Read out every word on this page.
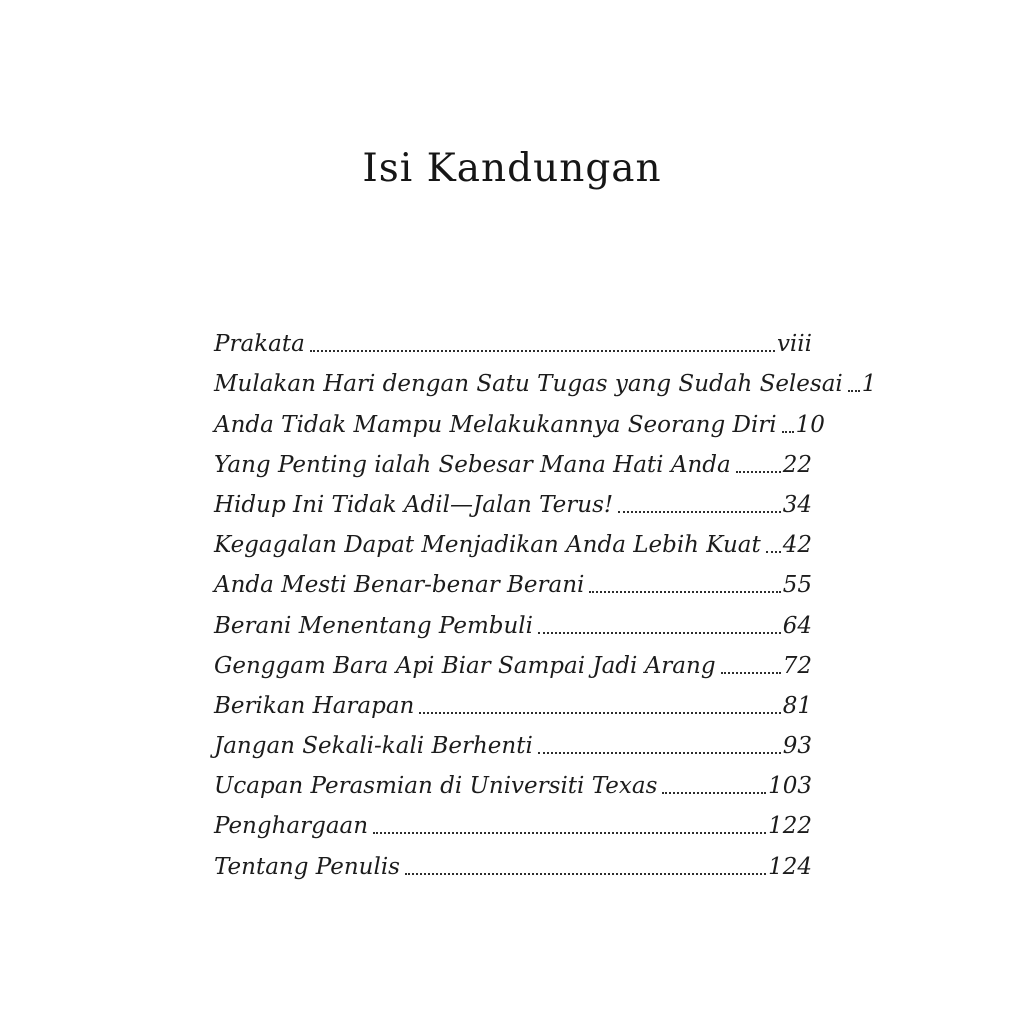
Isi Kandungan
Prakata	viii
Mulakan Hari dengan Satu Tugas yang Sudah Selesai 1
Anda Tidak Mampu Melakukannya Seorang Diri 10
Yang Penting ialah Sebesar Mana Hati Anda 22
Hidup Ini Tidak Adil—Jalan Terus!	34
Kegagalan Dapat Menjadikan Anda Lebih Kuat 42
Anda Mesti Benar-benar Berani	55
Berani Menentang Pembuli	64
Genggam Bara Api Biar Sampai Jadi Arang	72
Berikan Harapan	81
Jangan Sekali-kali Berhenti	93
Ucapan Perasmian di Universiti Texas	103
Penghargaan	122
Tentang Penulis	124
